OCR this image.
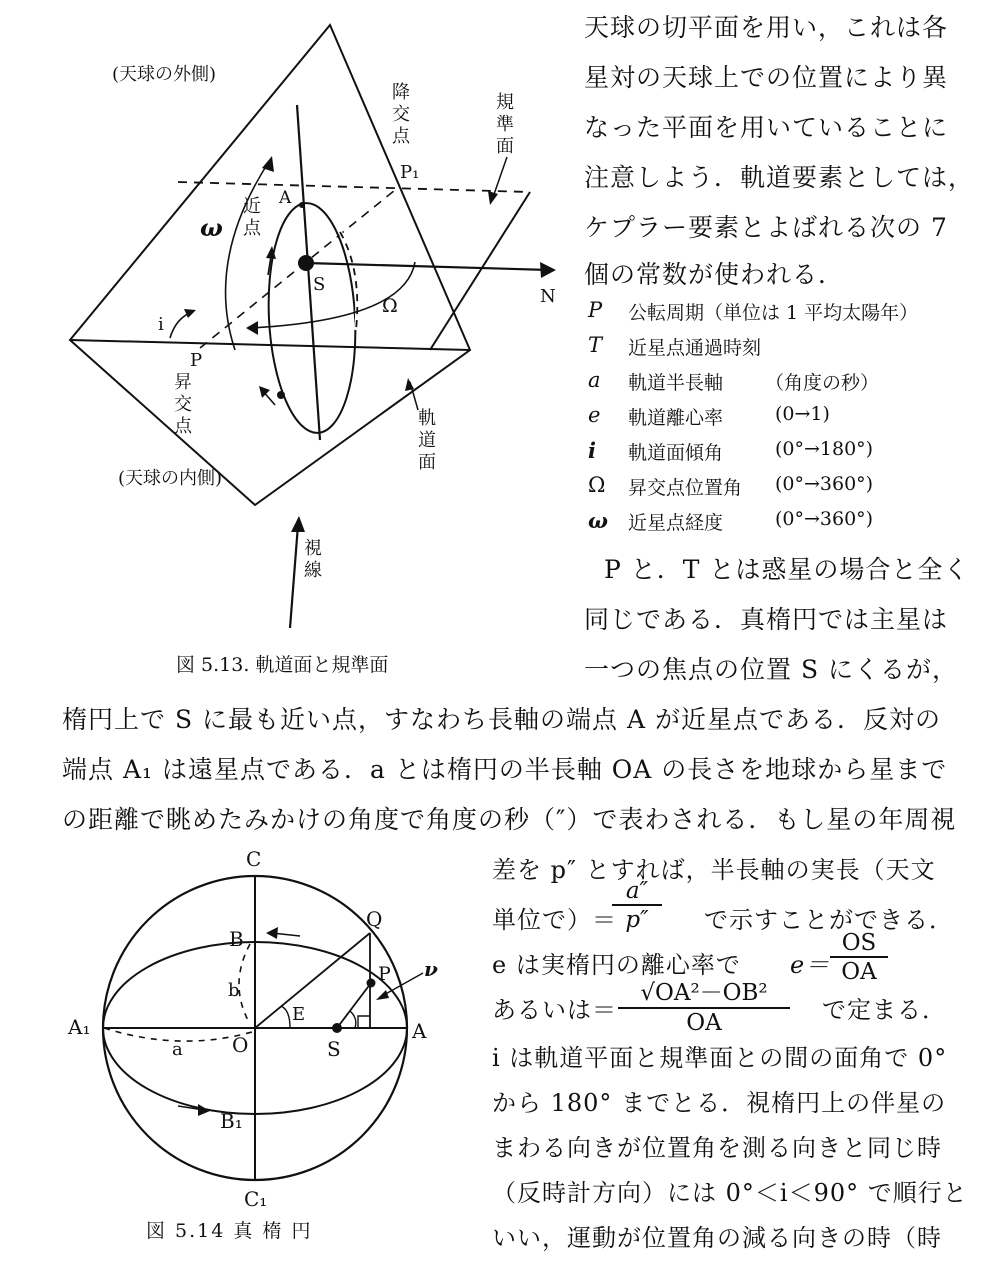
(天球の外側)
(天球の内側)
P₁
A
ω
S
N
Ω
i
P
降交点
規準面
近点
昇交点	軌道面
視線
図 5.13. 軌道面と規準面
天球の切平面を用い，これは各
星対の天球上での位置により異
なった平面を用いていることに
注意しよう．軌道要素としては，
ケプラー要素とよばれる次の 7
個の常数が使われる．
P 公転周期（単位は 1 平均太陽年）
T 近星点通過時刻
a 軌道半長軸 （角度の秒）
e 軌道離心率	(0→1)
i 軌道面傾角	(0°→180°)
Ω 昇交点位置角 (0°→360°)
ω 近星点経度	(0°→360°)
P と．T とは惑星の場合と全く
同じである．真楕円では主星は
一つの焦点の位置 S にくるが，
楕円上で S に最も近い点，すなわち長軸の端点 A が近星点である．反対の
端点 A₁ は遠星点である．a とは楕円の半長軸 OA の長さを地球から星まで
の距離で眺めたみかけの角度で角度の秒（″）で表わされる．もし星の年周視
差を p″ とすれば，半長軸の実長（天文
単位で）＝
$\frac{a''}{p''}$ で示すことができる．
e は実楕円の離心率で $e= \frac{OS}{OA}$
あるいは＝ $\frac{\text{√OA²－OB²}}{OA}$ で定まる．
i は軌道平面と規準面との間の面角で 0°
から 180° までとる．視楕円上の伴星の
まわる向きが位置角を測る向きと同じ時
（反時計方向）には 0°＜i＜90° で順行と
いい，運動が位置角の減る向きの時（時
C
C₁
B
B₁
b
A₁	A
a O
E
S
Q
P ν
図 5.14 真 楕 円
